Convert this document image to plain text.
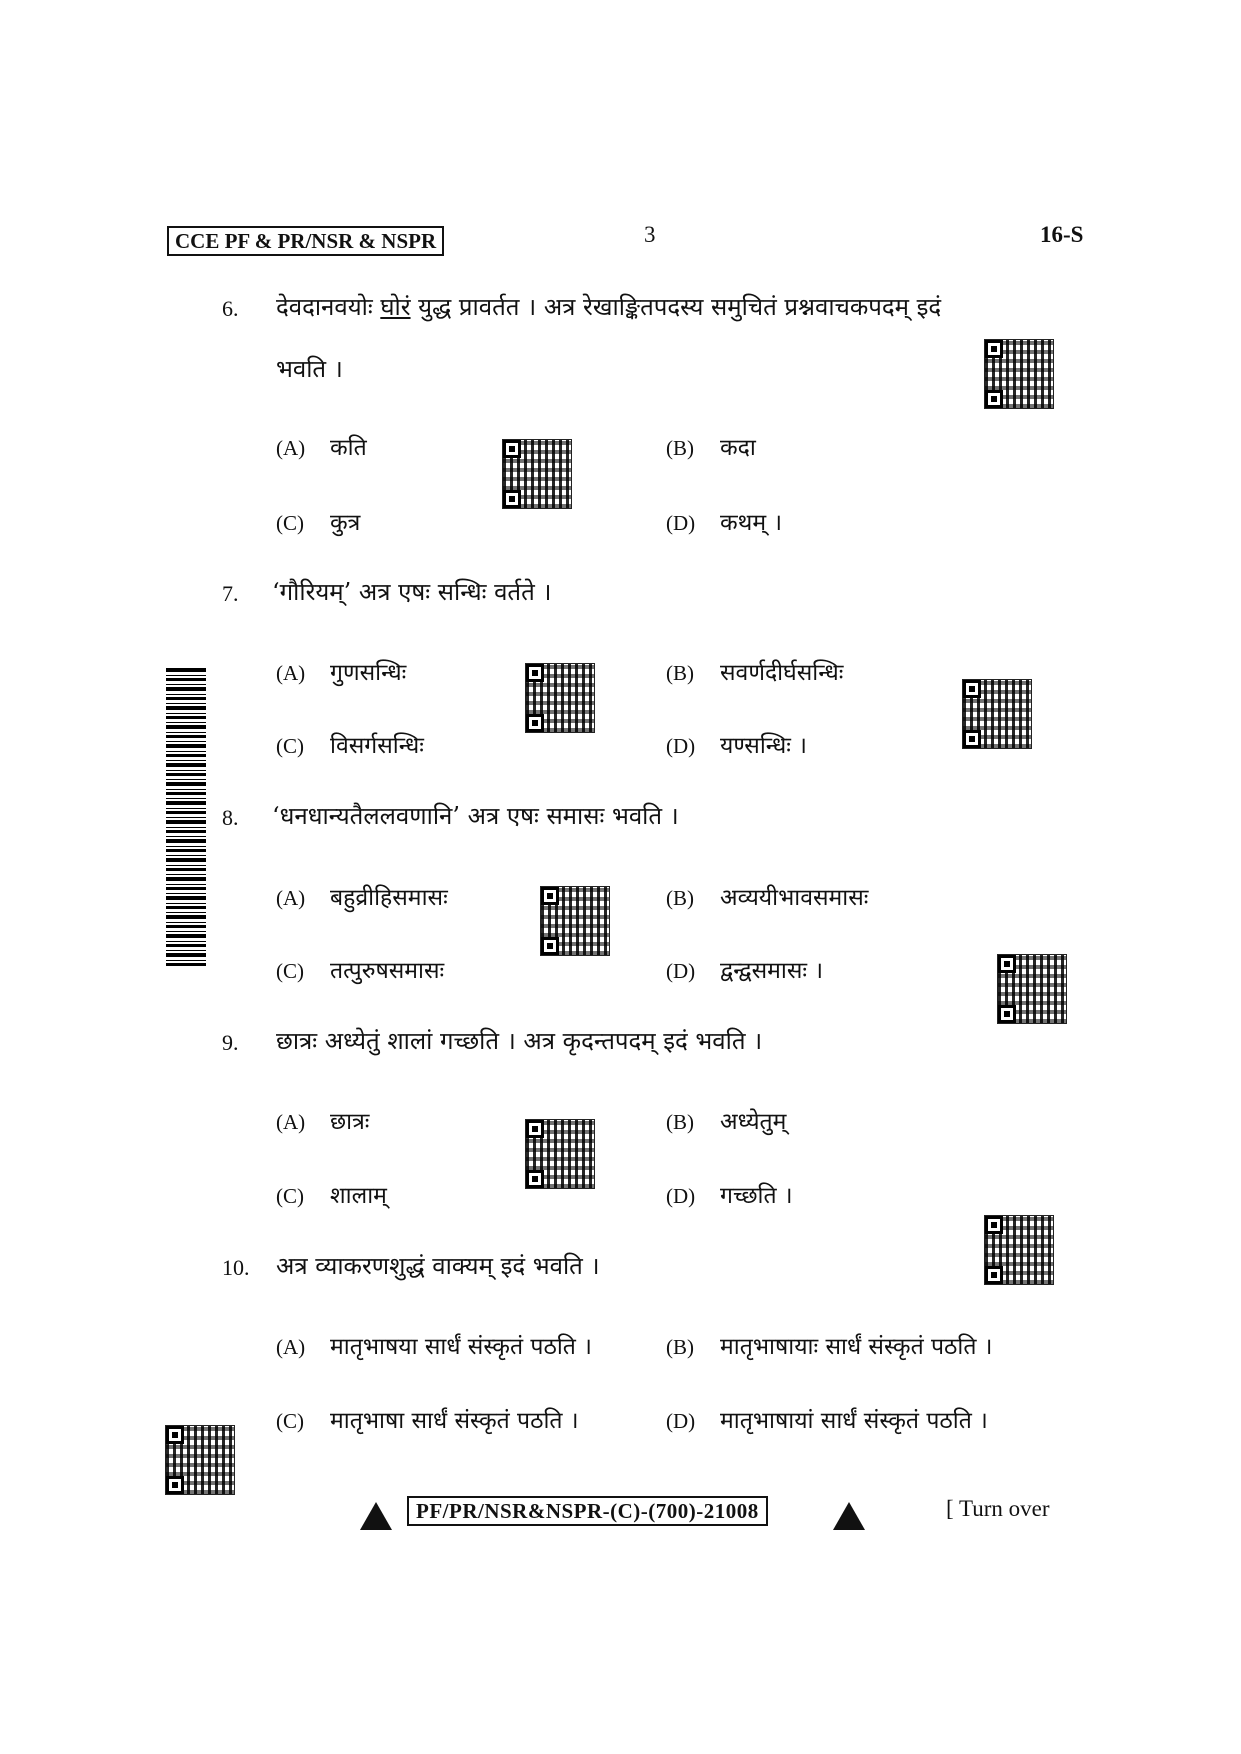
CCE PF & PR/NSR & NSPR	3	16-S
6. देवदानवयोः घोरं युद्ध प्रावर्तत । अत्र रेखाङ्कितपदस्य समुचितं प्रश्नवाचकपदम् इदं
भवति ।
(A)	कति	(B)	कदा
(C)	कुत्र	(D)	कथम् ।
7. ‘गौरियम्’ अत्र एषः सन्धिः वर्तते ।
(A)	गुणसन्धिः	(B)	सवर्णदीर्घसन्धिः
(C)	विसर्गसन्धिः	(D)	यण्सन्धिः ।
8. ‘धनधान्यतैललवणानि’ अत्र एषः समासः भवति ।
(A)	बहुव्रीहिसमासः	(B)	अव्ययीभावसमासः
(C)	तत्पुरुषसमासः	(D)	द्वन्द्वसमासः ।
9. छात्रः अध्येतुं शालां गच्छति । अत्र कृदन्तपदम् इदं भवति ।
(A)	छात्रः	(B)	अध्येतुम्
(C)	शालाम्	(D)	गच्छति ।
10. अत्र व्याकरणशुद्धं वाक्यम् इदं भवति ।
(A)	मातृभाषया सार्धं संस्कृतं पठति ।	(B)	मातृभाषायाः सार्धं संस्कृतं पठति ।
(C)	मातृभाषा सार्धं संस्कृतं पठति ।	(D)	मातृभाषायां सार्धं संस्कृतं पठति ।
PF/PR/NSR&NSPR-(C)-(700)-21008	[ Turn over
